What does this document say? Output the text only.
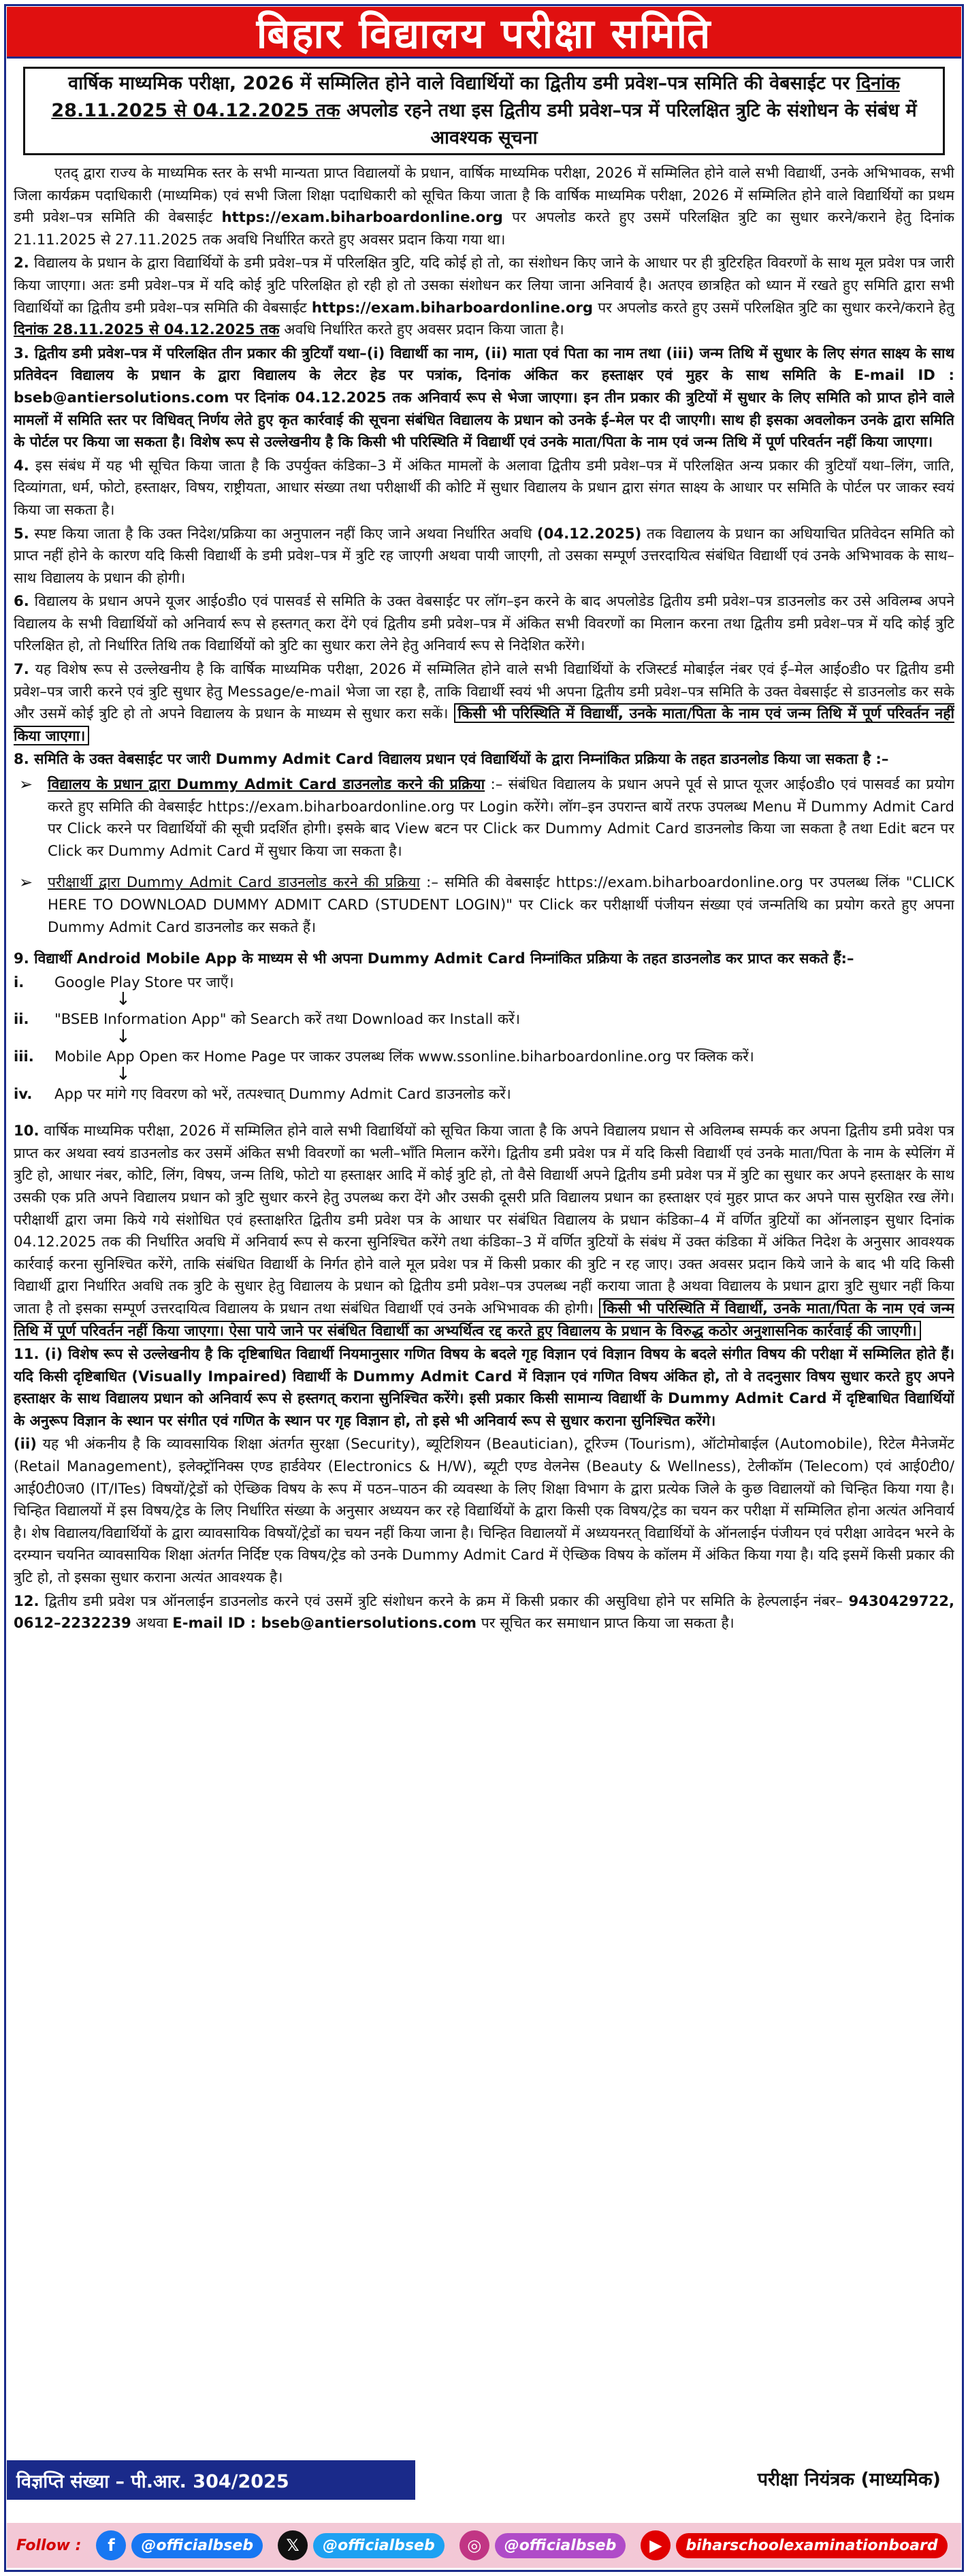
बिहार विद्यालय परीक्षा समिति
वार्षिक माध्यमिक परीक्षा, 2026 में सम्मिलित होने वाले विद्यार्थियों का द्वितीय डमी प्रवेश–पत्र समिति की वेबसाईट पर दिनांक 28.11.2025 से 04.12.2025 तक अपलोड रहने तथा इस द्वितीय डमी प्रवेश–पत्र में परिलक्षित त्रुटि के संशोधन के संबंध में आवश्यक सूचना

एतद् द्वारा राज्य के माध्यमिक स्तर के सभी मान्यता प्राप्त विद्यालयों के प्रधान, वार्षिक माध्यमिक परीक्षा, 2026 में सम्मिलित होने वाले सभी विद्यार्थी, उनके अभिभावक, सभी जिला कार्यक्रम पदाधिकारी (माध्यमिक) एवं सभी जिला शिक्षा पदाधिकारी को सूचित किया जाता है कि वार्षिक माध्यमिक परीक्षा, 2026 में सम्मिलित होने वाले विद्यार्थियों का प्रथम डमी प्रवेश–पत्र समिति की वेबसाईट https://exam.biharboardonline.org पर अपलोड करते हुए उसमें परिलक्षित त्रुटि का सुधार करने/कराने हेतु दिनांक 21.11.2025 से 27.11.2025 तक अवधि निर्धारित करते हुए अवसर प्रदान किया गया था।

2. विद्यालय के प्रधान के द्वारा विद्यार्थियों के डमी प्रवेश–पत्र में परिलक्षित त्रुटि, यदि कोई हो तो, का संशोधन किए जाने के आधार पर ही त्रुटिरहित विवरणों के साथ मूल प्रवेश पत्र जारी किया जाएगा। अतः डमी प्रवेश–पत्र में यदि कोई त्रुटि परिलक्षित हो रही हो तो उसका संशोधन कर लिया जाना अनिवार्य है। अतएव छात्रहित को ध्यान में रखते हुए समिति द्वारा सभी विद्यार्थियों का द्वितीय डमी प्रवेश–पत्र समिति की वेबसाईट https://exam.biharboardonline.org पर अपलोड करते हुए उसमें परिलक्षित त्रुटि का सुधार करने/कराने हेतु दिनांक 28.11.2025 से 04.12.2025 तक अवधि निर्धारित करते हुए अवसर प्रदान किया जाता है।

3. द्वितीय डमी प्रवेश–पत्र में परिलक्षित तीन प्रकार की त्रुटियाँ यथा–(i) विद्यार्थी का नाम, (ii) माता एवं पिता का नाम तथा (iii) जन्म तिथि में सुधार के लिए संगत साक्ष्य के साथ प्रतिवेदन विद्यालय के प्रधान के द्वारा विद्यालय के लेटर हेड पर पत्रांक, दिनांक अंकित कर हस्ताक्षर एवं मुहर के साथ समिति के E-mail ID : bseb@antiersolutions.com पर दिनांक 04.12.2025 तक अनिवार्य रूप से भेजा जाएगा। इन तीन प्रकार की त्रुटियों में सुधार के लिए समिति को प्राप्त होने वाले मामलों में समिति स्तर पर विधिवत् निर्णय लेते हुए कृत कार्रवाई की सूचना संबंधित विद्यालय के प्रधान को उनके ई–मेल पर दी जाएगी। साथ ही इसका अवलोकन उनके द्वारा समिति के पोर्टल पर किया जा सकता है। विशेष रूप से उल्लेखनीय है कि किसी भी परिस्थिति में विद्यार्थी एवं उनके माता/पिता के नाम एवं जन्म तिथि में पूर्ण परिवर्तन नहीं किया जाएगा।

4. इस संबंध में यह भी सूचित किया जाता है कि उपर्युक्त कंडिका–3 में अंकित मामलों के अलावा द्वितीय डमी प्रवेश–पत्र में परिलक्षित अन्य प्रकार की त्रुटियाँ यथा–लिंग, जाति, दिव्यांगता, धर्म, फोटो, हस्ताक्षर, विषय, राष्ट्रीयता, आधार संख्या तथा परीक्षार्थी की कोटि में सुधार विद्यालय के प्रधान द्वारा संगत साक्ष्य के आधार पर समिति के पोर्टल पर जाकर स्वयं किया जा सकता है।

5. स्पष्ट किया जाता है कि उक्त निदेश/प्रक्रिया का अनुपालन नहीं किए जाने अथवा निर्धारित अवधि (04.12.2025) तक विद्यालय के प्रधान का अधियाचित प्रतिवेदन समिति को प्राप्त नहीं होने के कारण यदि किसी विद्यार्थी के डमी प्रवेश–पत्र में त्रुटि रह जाएगी अथवा पायी जाएगी, तो उसका सम्पूर्ण उत्तरदायित्व संबंधित विद्यार्थी एवं उनके अभिभावक के साथ–साथ विद्यालय के प्रधान की होगी।

6. विद्यालय के प्रधान अपने यूजर आईoडीo एवं पासवर्ड से समिति के उक्त वेबसाईट पर लॉग–इन करने के बाद अपलोडेड द्वितीय डमी प्रवेश–पत्र डाउनलोड कर उसे अविलम्ब अपने विद्यालय के सभी विद्यार्थियों को अनिवार्य रूप से हस्तगत् करा देंगे एवं द्वितीय डमी प्रवेश–पत्र में अंकित सभी विवरणों का मिलान करना तथा द्वितीय डमी प्रवेश–पत्र में यदि कोई त्रुटि परिलक्षित हो, तो निर्धारित तिथि तक विद्यार्थियों को त्रुटि का सुधार करा लेने हेतु अनिवार्य रूप से निदेशित करेंगे।

7. यह विशेष रूप से उल्लेखनीय है कि वार्षिक माध्यमिक परीक्षा, 2026 में सम्मिलित होने वाले सभी विद्यार्थियों के रजिस्टर्ड मोबाईल नंबर एवं ई–मेल आईoडीo पर द्वितीय डमी प्रवेश–पत्र जारी करने एवं त्रुटि सुधार हेतु Message/e-mail भेजा जा रहा है, ताकि विद्यार्थी स्वयं भी अपना द्वितीय डमी प्रवेश–पत्र समिति के उक्त वेबसाईट से डाउनलोड कर सके और उसमें कोई त्रुटि हो तो अपने विद्यालय के प्रधान के माध्यम से सुधार करा सकें। किसी भी परिस्थिति में विद्यार्थी, उनके माता/पिता के नाम एवं जन्म तिथि में पूर्ण परिवर्तन नहीं किया जाएगा।

8. समिति के उक्त वेबसाईट पर जारी Dummy Admit Card विद्यालय प्रधान एवं विद्यार्थियों के द्वारा निम्नांकित प्रक्रिया के तहत डाउनलोड किया जा सकता है :–

➢ विद्यालय के प्रधान द्वारा Dummy Admit Card डाउनलोड करने की प्रक्रिया :– संबंधित विद्यालय के प्रधान अपने पूर्व से प्राप्त यूजर आईoडीo एवं पासवर्ड का प्रयोग करते हुए समिति की वेबसाईट https://exam.biharboardonline.org पर Login करेंगे। लॉग–इन उपरान्त बायें तरफ उपलब्ध Menu में Dummy Admit Card पर Click करने पर विद्यार्थियों की सूची प्रदर्शित होगी। इसके बाद View बटन पर Click कर Dummy Admit Card डाउनलोड किया जा सकता है तथा Edit बटन पर Click कर Dummy Admit Card में सुधार किया जा सकता है।
➢ परीक्षार्थी द्वारा Dummy Admit Card डाउनलोड करने की प्रक्रिया :– समिति की वेबसाईट https://exam.biharboardonline.org पर उपलब्ध लिंक "CLICK HERE TO DOWNLOAD DUMMY ADMIT CARD (STUDENT LOGIN)" पर Click कर परीक्षार्थी पंजीयन संख्या एवं जन्मतिथि का प्रयोग करते हुए अपना Dummy Admit Card डाउनलोड कर सकते हैं।

9. विद्यार्थी Android Mobile App के माध्यम से भी अपना Dummy Admit Card निम्नांकित प्रक्रिया के तहत डाउनलोड कर प्राप्त कर सकते हैं:–

i. Google Play Store पर जाएँ।
↓
ii. "BSEB Information App" को Search करें तथा Download कर Install करें।
↓
iii. Mobile App Open कर Home Page पर जाकर उपलब्ध लिंक www.ssonline.biharboardonline.org पर क्लिक करें।
↓
iv. App पर मांगे गए विवरण को भरें, तत्पश्चात् Dummy Admit Card डाउनलोड करें।

10. वार्षिक माध्यमिक परीक्षा, 2026 में सम्मिलित होने वाले सभी विद्यार्थियों को सूचित किया जाता है कि अपने विद्यालय प्रधान से अविलम्ब सम्पर्क कर अपना द्वितीय डमी प्रवेश पत्र प्राप्त कर अथवा स्वयं डाउनलोड कर उसमें अंकित सभी विवरणों का भली–भाँति मिलान करेंगे। द्वितीय डमी प्रवेश पत्र में यदि किसी विद्यार्थी एवं उनके माता/पिता के नाम के स्पेलिंग में त्रुटि हो, आधार नंबर, कोटि, लिंग, विषय, जन्म तिथि, फोटो या हस्ताक्षर आदि में कोई त्रुटि हो, तो वैसे विद्यार्थी अपने द्वितीय डमी प्रवेश पत्र में त्रुटि का सुधार कर अपने हस्ताक्षर के साथ उसकी एक प्रति अपने विद्यालय प्रधान को त्रुटि सुधार करने हेतु उपलब्ध करा देंगे और उसकी दूसरी प्रति विद्यालय प्रधान का हस्ताक्षर एवं मुहर प्राप्त कर अपने पास सुरक्षित रख लेंगे। परीक्षार्थी द्वारा जमा किये गये संशोधित एवं हस्ताक्षरित द्वितीय डमी प्रवेश पत्र के आधार पर संबंधित विद्यालय के प्रधान कंडिका–4 में वर्णित त्रुटियों का ऑनलाइन सुधार दिनांक 04.12.2025 तक की निर्धारित अवधि में अनिवार्य रूप से करना सुनिश्चित करेंगे तथा कंडिका–3 में वर्णित त्रुटियों के संबंध में उक्त कंडिका में अंकित निदेश के अनुसार आवश्यक कार्रवाई करना सुनिश्चित करेंगे, ताकि संबंधित विद्यार्थी के निर्गत होने वाले मूल प्रवेश पत्र में किसी प्रकार की त्रुटि न रह जाए। उक्त अवसर प्रदान किये जाने के बाद भी यदि किसी विद्यार्थी द्वारा निर्धारित अवधि तक त्रुटि के सुधार हेतु विद्यालय के प्रधान को द्वितीय डमी प्रवेश–पत्र उपलब्ध नहीं कराया जाता है अथवा विद्यालय के प्रधान द्वारा त्रुटि सुधार नहीं किया जाता है तो इसका सम्पूर्ण उत्तरदायित्व विद्यालय के प्रधान तथा संबंधित विद्यार्थी एवं उनके अभिभावक की होगी। किसी भी परिस्थिति में विद्यार्थी, उनके माता/पिता के नाम एवं जन्म तिथि में पूर्ण परिवर्तन नहीं किया जाएगा। ऐसा पाये जाने पर संबंधित विद्यार्थी का अभ्यर्थित्व रद्द करते हुए विद्यालय के प्रधान के विरुद्ध कठोर अनुशासनिक कार्रवाई की जाएगी।

11. (i) विशेष रूप से उल्लेखनीय है कि दृष्टिबाधित विद्यार्थी नियमानुसार गणित विषय के बदले गृह विज्ञान एवं विज्ञान विषय के बदले संगीत विषय की परीक्षा में सम्मिलित होते हैं। यदि किसी दृष्टिबाधित (Visually Impaired) विद्यार्थी के Dummy Admit Card में विज्ञान एवं गणित विषय अंकित हो, तो वे तदनुसार विषय सुधार करते हुए अपने हस्ताक्षर के साथ विद्यालय प्रधान को अनिवार्य रूप से हस्तगत् कराना सुनिश्चित करेंगे। इसी प्रकार किसी सामान्य विद्यार्थी के Dummy Admit Card में दृष्टिबाधित विद्यार्थियों के अनुरूप विज्ञान के स्थान पर संगीत एवं गणित के स्थान पर गृह विज्ञान हो, तो इसे भी अनिवार्य रूप से सुधार कराना सुनिश्चित करेंगे।

(ii) यह भी अंकनीय है कि व्यावसायिक शिक्षा अंतर्गत सुरक्षा (Security), ब्यूटिशियन (Beautician), टूरिज्म (Tourism), ऑटोमोबाईल (Automobile), रिटेल मैनेजमेंट (Retail Management), इलेक्ट्रॉनिक्स एण्ड हार्डवेयर (Electronics & H/W), ब्यूटी एण्ड वेलनेस (Beauty & Wellness), टेलीकॉम (Telecom) एवं आई0टी0/आई0टी0ज0 (IT/ITes) विषयों/ट्रेडों को ऐच्छिक विषय के रूप में पठन–पाठन की व्यवस्था के लिए शिक्षा विभाग के द्वारा प्रत्येक जिले के कुछ विद्यालयों को चिन्हित किया गया है। चिन्हित विद्यालयों में इस विषय/ट्रेड के लिए निर्धारित संख्या के अनुसार अध्ययन कर रहे विद्यार्थियों के द्वारा किसी एक विषय/ट्रेड का चयन कर परीक्षा में सम्मिलित होना अत्यंत अनिवार्य है। शेष विद्यालय/विद्यार्थियों के द्वारा व्यावसायिक विषयों/ट्रेडों का चयन नहीं किया जाना है। चिन्हित विद्यालयों में अध्ययनरत् विद्यार्थियों के ऑनलाईन पंजीयन एवं परीक्षा आवेदन भरने के दरम्यान चयनित व्यावसायिक शिक्षा अंतर्गत निर्दिष्ट एक विषय/ट्रेड को उनके Dummy Admit Card में ऐच्छिक विषय के कॉलम में अंकित किया गया है। यदि इसमें किसी प्रकार की त्रुटि हो, तो इसका सुधार कराना अत्यंत आवश्यक है।

12. द्वितीय डमी प्रवेश पत्र ऑनलाईन डाउनलोड करने एवं उसमें त्रुटि संशोधन करने के क्रम में किसी प्रकार की असुविधा होने पर समिति के हेल्पलाईन नंबर– 9430429722, 0612–2232239 अथवा E-mail ID : bseb@antiersolutions.com पर सूचित कर समाधान प्राप्त किया जा सकता है।

विज्ञप्ति संख्या – पी.आर. 304/2025	परीक्षा नियंत्रक (माध्यमिक)
Follow :	f	@officialbseb	𝕏	@officialbseb	◎	@officialbseb	▶	biharschoolexaminationboard
